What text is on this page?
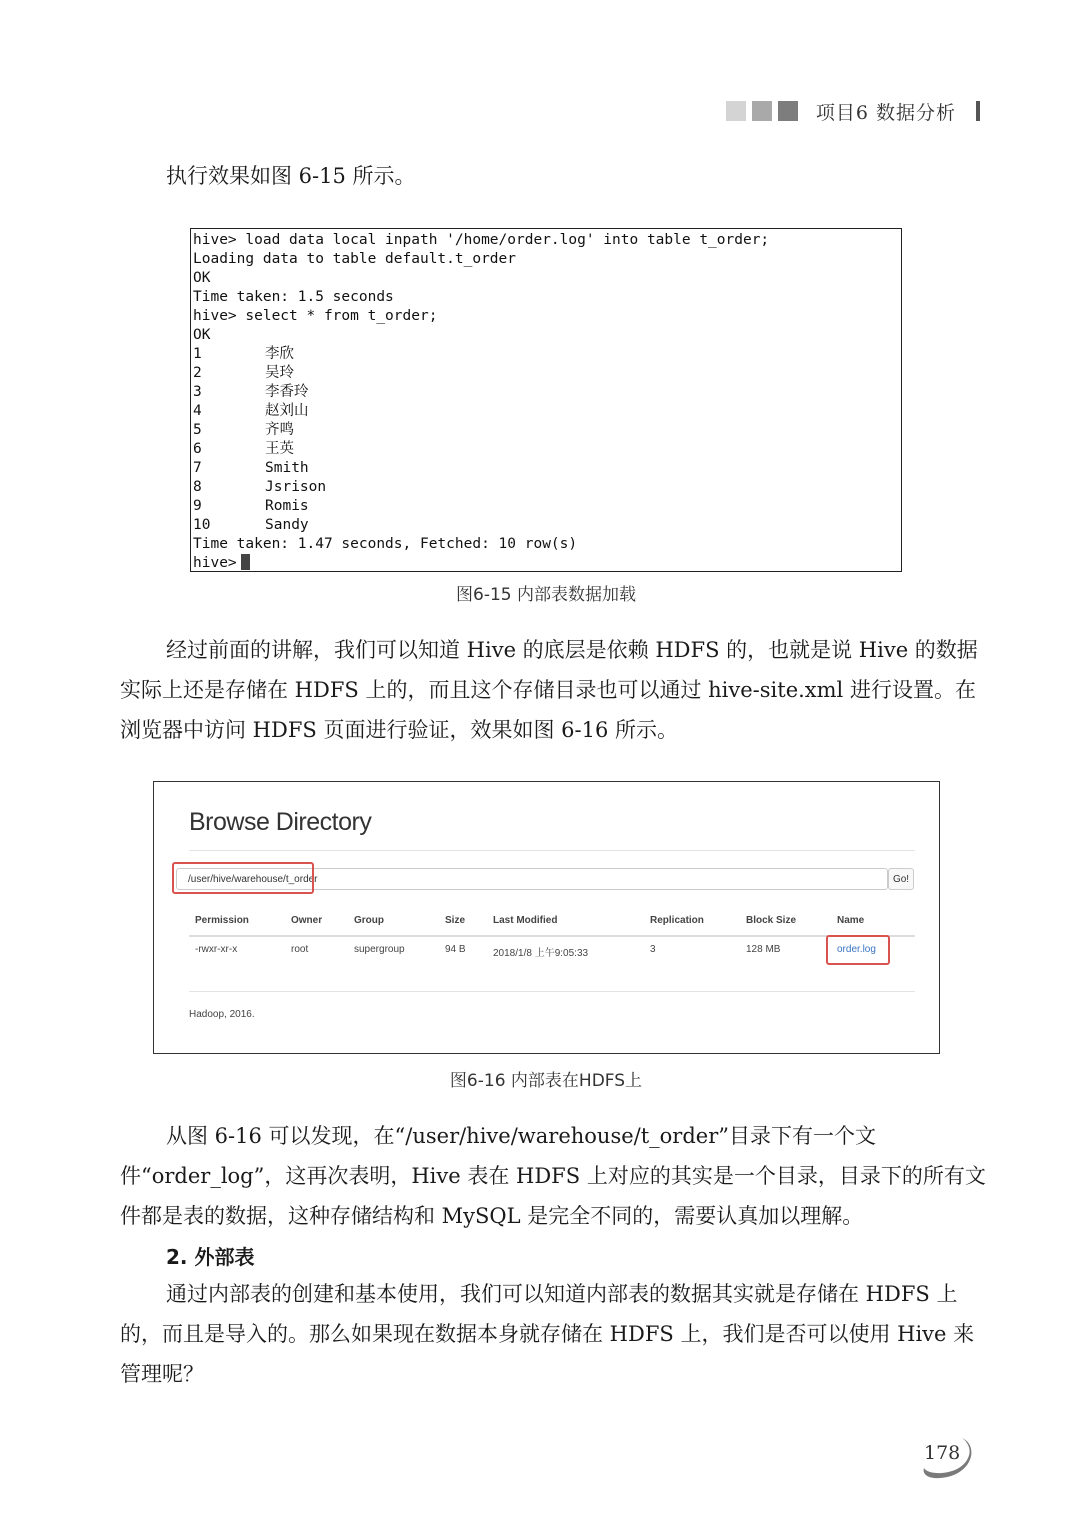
项目6 数据分析
执行效果如图 6-15 所示。
hive> load data local inpath '/home/order.log' into table t_order;
Loading data to table default.t_order
OK
Time taken: 1.5 seconds
hive> select * from t_order;
OK
1	李欣
2	吴玲
3	李香玲
4	赵刘山
5	齐鸣
6	王英
7	Smith
8	Jsrison
9	Romis
10	Sandy
Time taken: 1.47 seconds, Fetched: 10 row(s)
hive>
图6-15 内部表数据加载

经过前面的讲解，我们可以知道 Hive 的底层是依赖 HDFS 的，也就是说 Hive 的数据实际上还是存储在 HDFS 上的，而且这个存储目录也可以通过 hive-site.xml 进行设置。在浏览器中访问 HDFS 页面进行验证，效果如图 6-16 所示。

Browse Directory
/user/hive/warehouse/t_order	Go!
Permission	Owner	Group	Size	Last Modified	Replication	Block Size	Name
-rwxr-xr-x	root	supergroup	94 B	2018/1/8 上午9:05:33	3	128 MB	order.log
Hadoop, 2016.
图6-16 内部表在HDFS上

从图 6-16 可以发现，在“/user/hive/warehouse/t_order”目录下有一个文件“order_log”，这再次表明，Hive 表在 HDFS 上对应的其实是一个目录，目录下的所有文件都是表的数据，这种存储结构和 MySQL 是完全不同的，需要认真加以理解。

2. 外部表

通过内部表的创建和基本使用，我们可以知道内部表的数据其实就是存储在 HDFS 上的，而且是导入的。那么如果现在数据本身就存储在 HDFS 上，我们是否可以使用 Hive 来管理呢？

178
